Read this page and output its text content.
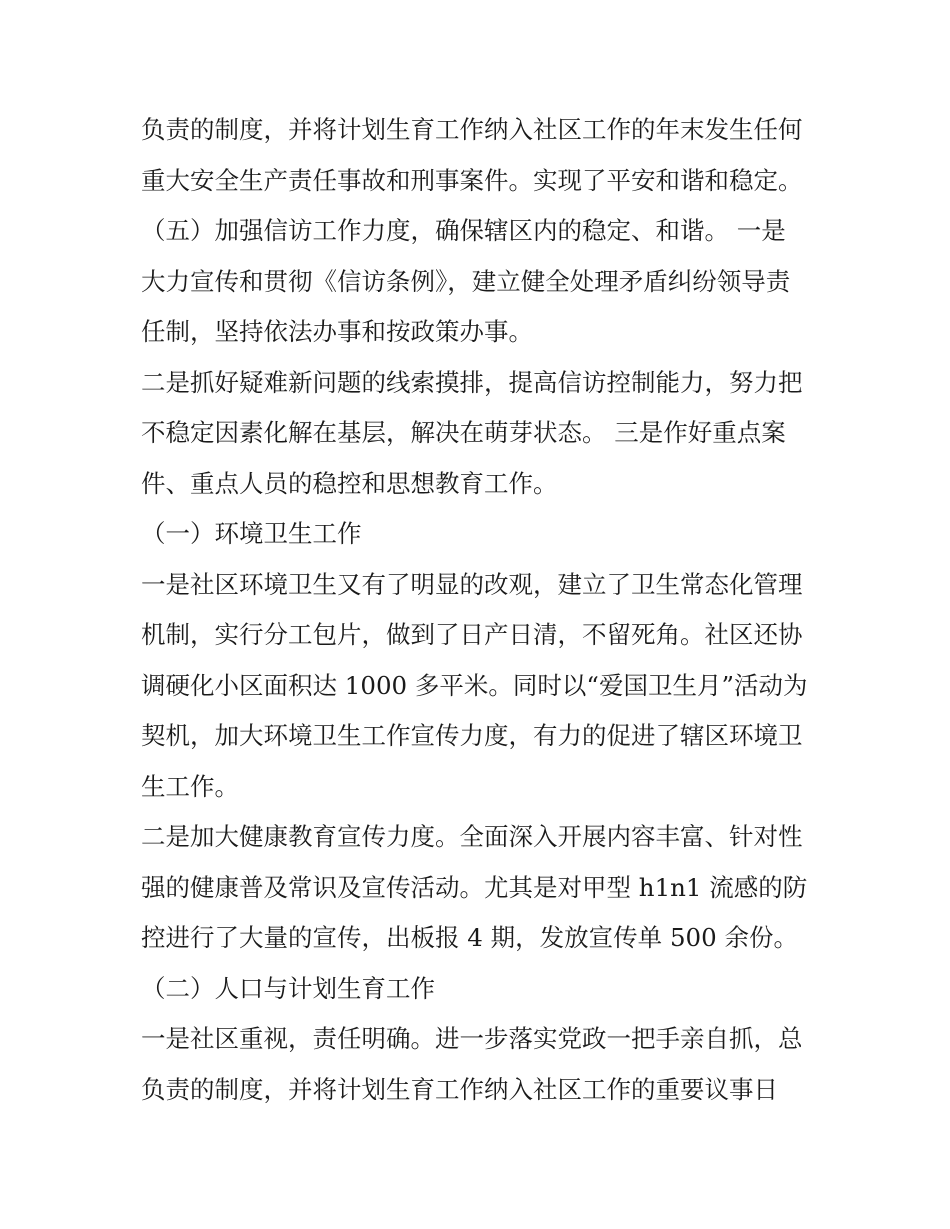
负责的制度，并将计划生育工作纳入社区工作的年末发生任何
重大安全生产责任事故和刑事案件。实现了平安和谐和稳定。
（五）加强信访工作力度，确保辖区内的稳定、和谐。 一是
大力宣传和贯彻《信访条例》，建立健全处理矛盾纠纷领导责
任制，坚持依法办事和按政策办事。
二是抓好疑难新问题的线索摸排，提高信访控制能力，努力把
不稳定因素化解在基层，解决在萌芽状态。 三是作好重点案
件、重点人员的稳控和思想教育工作。
（一）环境卫生工作
一是社区环境卫生又有了明显的改观，建立了卫生常态化管理
机制，实行分工包片，做到了日产日清，不留死角。社区还协
调硬化小区面积达 1000 多平米。同时以“爱国卫生月”活动为
契机，加大环境卫生工作宣传力度，有力的促进了辖区环境卫
生工作。
二是加大健康教育宣传力度。全面深入开展内容丰富、针对性
强的健康普及常识及宣传活动。尤其是对甲型 h1n1 流感的防
控进行了大量的宣传，出板报 4 期，发放宣传单 500 余份。
（二）人口与计划生育工作
一是社区重视，责任明确。进一步落实党政一把手亲自抓，总
负责的制度，并将计划生育工作纳入社区工作的重要议事日
